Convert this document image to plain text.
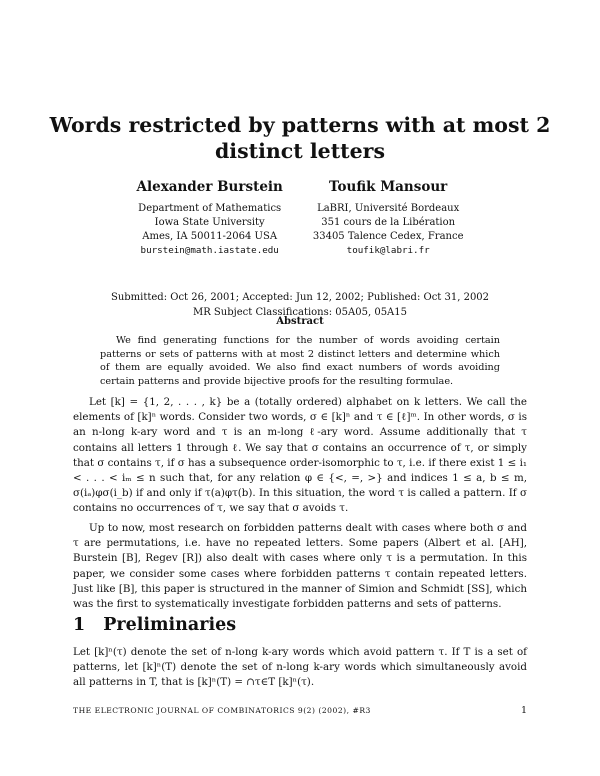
Words restricted by patterns with at most 2
distinct letters
Alexander Burstein
Department of Mathematics
Iowa State University
Ames, IA 50011-2064 USA
burstein@math.iastate.edu
Toufik Mansour
LaBRI, Université Bordeaux
351 cours de la Libération
33405 Talence Cedex, France
toufik@labri.fr
Submitted: Oct 26, 2001; Accepted: Jun 12, 2002; Published: Oct 31, 2002
MR Subject Classifications: 05A05, 05A15
Abstract
We find generating functions for the number of words avoiding certain patterns or sets of patterns with at most 2 distinct letters and determine which of them are equally avoided. We also find exact numbers of words avoiding certain patterns and provide bijective proofs for the resulting formulae.
Let [k] = {1, 2, . . . , k} be a (totally ordered) alphabet on k letters. We call the elements of [k]ⁿ words. Consider two words, σ ∈ [k]ⁿ and τ ∈ [ℓ]ᵐ. In other words, σ is an n-long k-ary word and τ is an m-long ℓ-ary word. Assume additionally that τ contains all letters 1 through ℓ. We say that σ contains an occurrence of τ, or simply that σ contains τ, if σ has a subsequence order-isomorphic to τ, i.e. if there exist 1 ≤ i₁ < . . . < iₘ ≤ n such that, for any relation φ ∈ {<, =, >} and indices 1 ≤ a, b ≤ m, σ(iₐ)φσ(i_b) if and only if τ(a)φτ(b). In this situation, the word τ is called a pattern. If σ contains no occurrences of τ, we say that σ avoids τ.
Up to now, most research on forbidden patterns dealt with cases where both σ and τ are permutations, i.e. have no repeated letters. Some papers (Albert et al. [AH], Burstein [B], Regev [R]) also dealt with cases where only τ is a permutation. In this paper, we consider some cases where forbidden patterns τ contain repeated letters. Just like [B], this paper is structured in the manner of Simion and Schmidt [SS], which was the first to systematically investigate forbidden patterns and sets of patterns.
1 Preliminaries
Let [k]ⁿ(τ) denote the set of n-long k-ary words which avoid pattern τ. If T is a set of patterns, let [k]ⁿ(T) denote the set of n-long k-ary words which simultaneously avoid all patterns in T, that is [k]ⁿ(T) = ∩τ∈T [k]ⁿ(τ).
THE ELECTRONIC JOURNAL OF COMBINATORICS 9(2) (2002), #R3	1
